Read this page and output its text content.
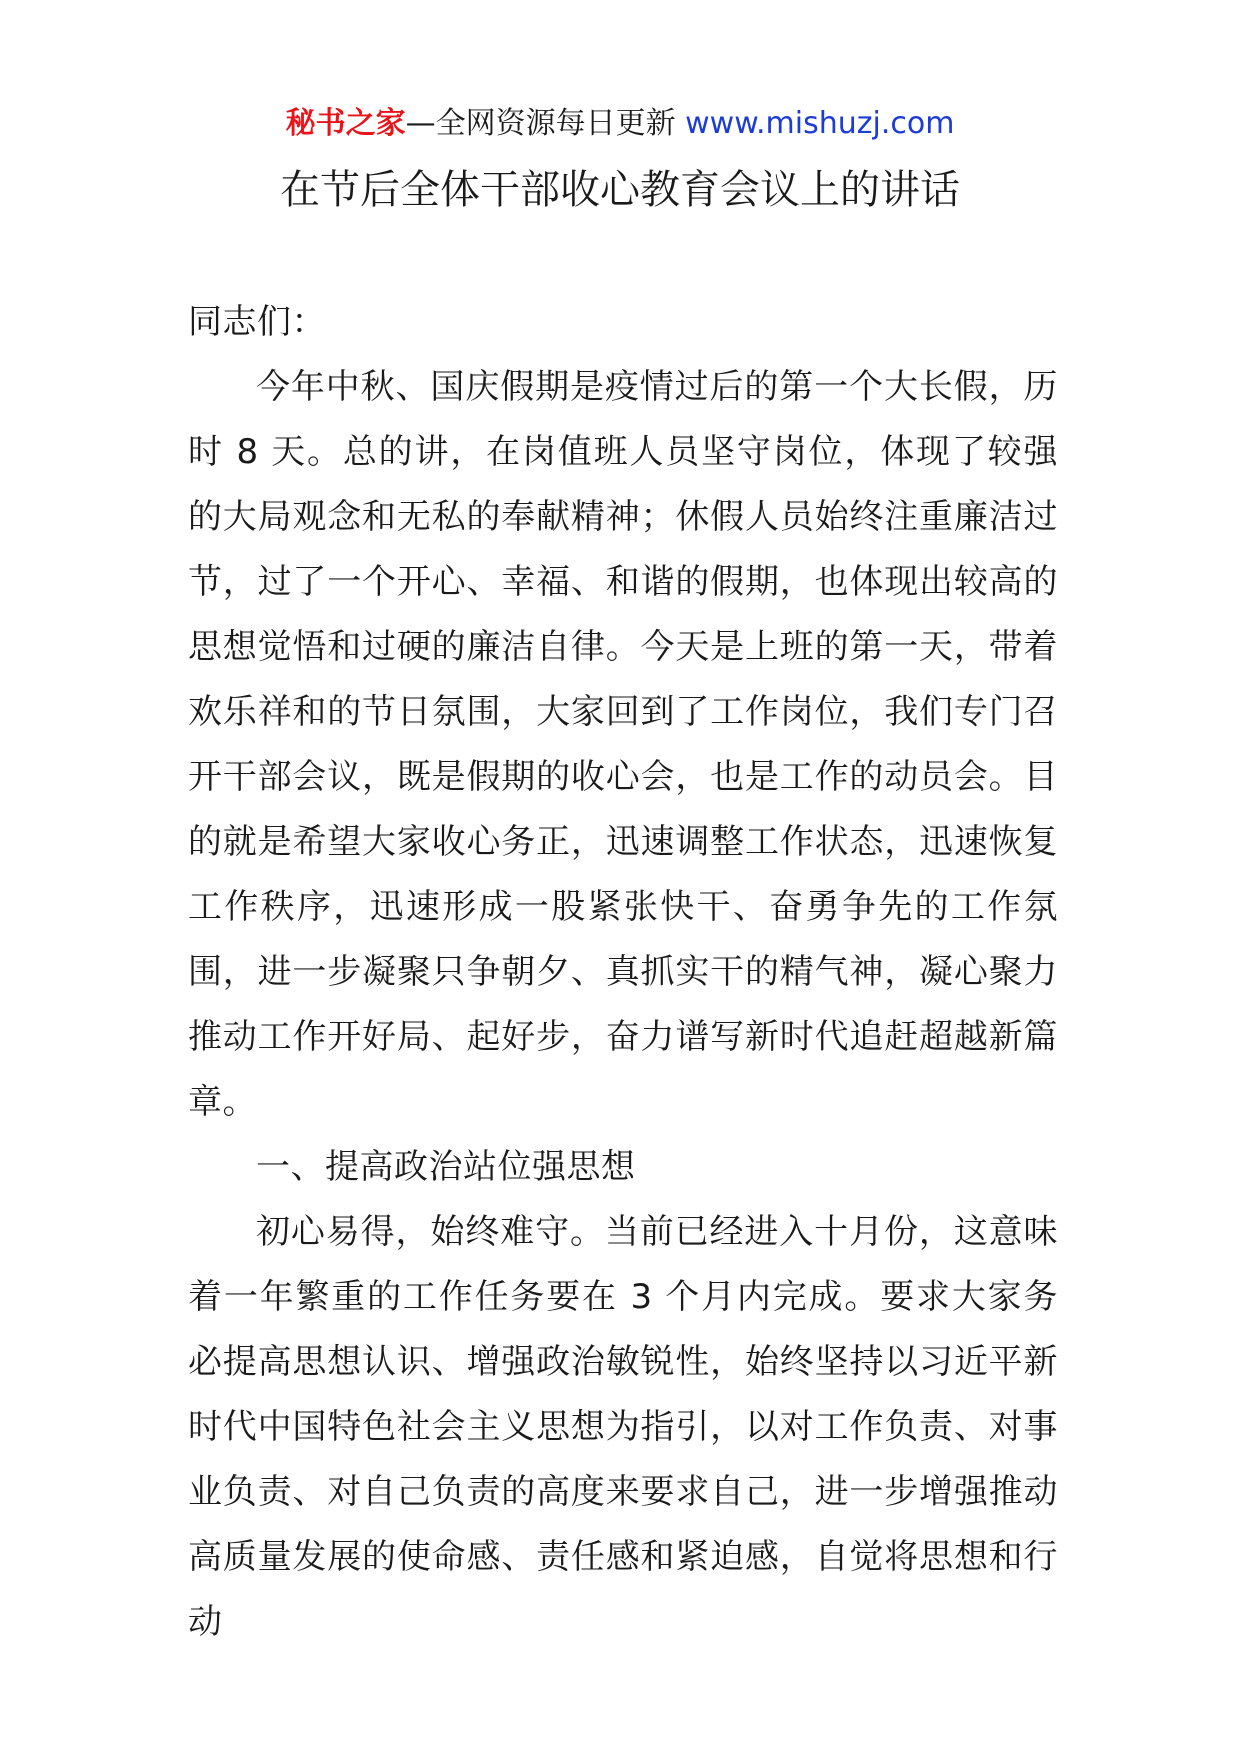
秘书之家—全网资源每日更新 www.mishuzj.com
在节后全体干部收心教育会议上的讲话

同志们：

今年中秋、国庆假期是疫情过后的第一个大长假，历时 8 天。总的讲，在岗值班人员坚守岗位，体现了较强的大局观念和无私的奉献精神；休假人员始终注重廉洁过节，过了一个开心、幸福、和谐的假期，也体现出较高的思想觉悟和过硬的廉洁自律。今天是上班的第一天，带着欢乐祥和的节日氛围，大家回到了工作岗位，我们专门召开干部会议，既是假期的收心会，也是工作的动员会。目的就是希望大家收心务正，迅速调整工作状态，迅速恢复工作秩序，迅速形成一股紧张快干、奋勇争先的工作氛围，进一步凝聚只争朝夕、真抓实干的精气神，凝心聚力推动工作开好局、起好步，奋力谱写新时代追赶超越新篇章。

一、提高政治站位强思想

初心易得，始终难守。当前已经进入十月份，这意味着一年繁重的工作任务要在 3 个月内完成。要求大家务必提高思想认识、增强政治敏锐性，始终坚持以习近平新时代中国特色社会主义思想为指引，以对工作负责、对事业负责、对自己负责的高度来要求自己，进一步增强推动高质量发展的使命感、责任感和紧迫感，自觉将思想和行动
